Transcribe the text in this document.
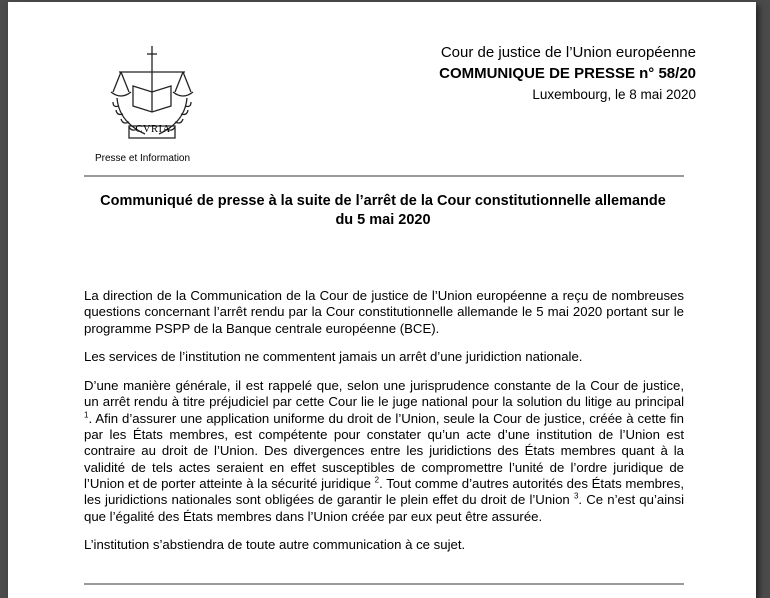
CVRIA
Presse et Information
Cour de justice de l’Union européenne
COMMUNIQUE DE PRESSE n° 58/20
Luxembourg, le 8 mai 2020
Communiqué de presse à la suite de l’arrêt de la Cour constitutionnelle allemande
du 5 mai 2020

La direction de la Communication de la Cour de justice de l’Union européenne a reçu de nombreuses questions concernant l’arrêt rendu par la Cour constitutionnelle allemande le 5 mai 2020 portant sur le programme PSPP de la Banque centrale européenne (BCE).

Les services de l’institution ne commentent jamais un arrêt d’une juridiction nationale.

D’une manière générale, il est rappelé que, selon une jurisprudence constante de la Cour de justice, un arrêt rendu à titre préjudiciel par cette Cour lie le juge national pour la solution du litige au principal $^1$. Afin d’assurer une application uniforme du droit de l’Union, seule la Cour de justice, créée à cette fin par les États membres, est compétente pour constater qu’un acte d’une institution de l’Union est contraire au droit de l’Union. Des divergences entre les juridictions des États membres quant à la validité de tels actes seraient en effet susceptibles de compromettre l’unité de l’ordre juridique de l’Union et de porter atteinte à la sécurité juridique $^2$. Tout comme d’autres autorités des États membres, les juridictions nationales sont obligées de garantir le plein effet du droit de l’Union $^3$. Ce n’est qu’ainsi que l’égalité des États membres dans l’Union créée par eux peut être assurée.

L’institution s’abstiendra de toute autre communication à ce sujet.
